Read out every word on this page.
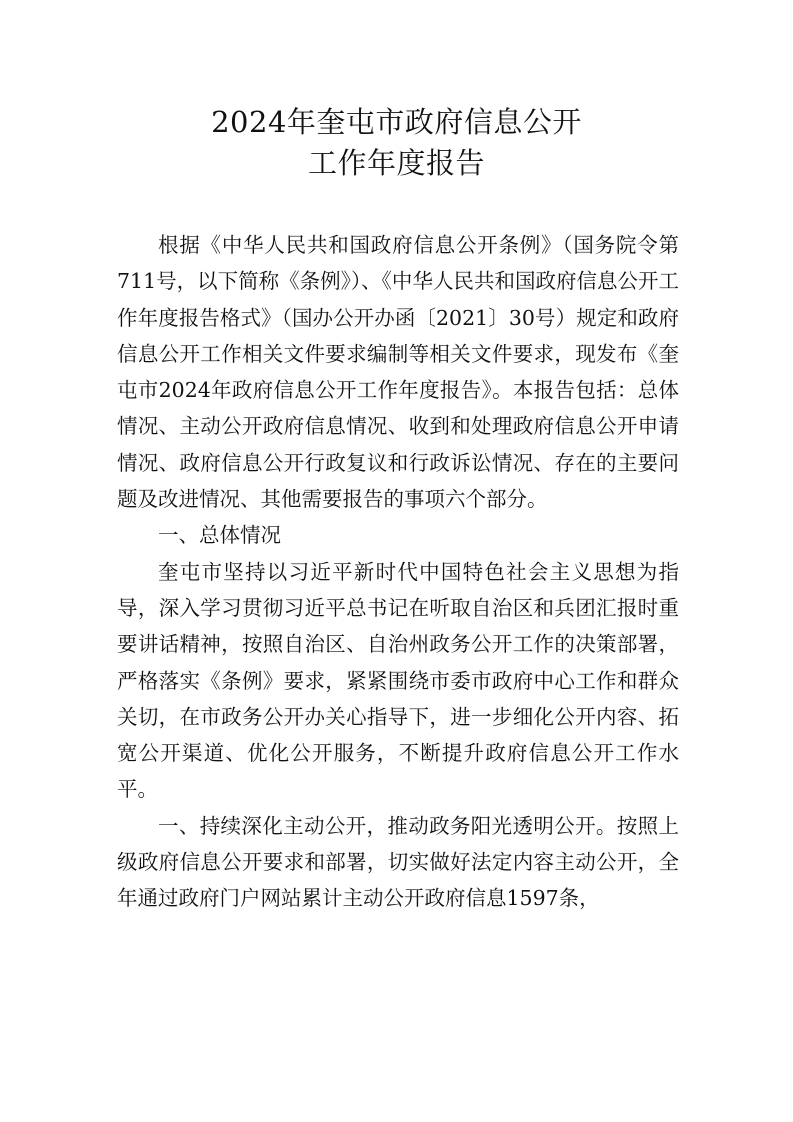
2024年奎屯市政府信息公开
工作年度报告

根据《中华人民共和国政府信息公开条例》（国务院令第711号，以下简称《条例》）、《中华人民共和国政府信息公开工作年度报告格式》（国办公开办函〔2021〕30号）规定和政府信息公开工作相关文件要求编制等相关文件要求，现发布《奎屯市2024年政府信息公开工作年度报告》。本报告包括：总体情况、主动公开政府信息情况、收到和处理政府信息公开申请情况、政府信息公开行政复议和行政诉讼情况、存在的主要问题及改进情况、其他需要报告的事项六个部分。

一、总体情况

奎屯市坚持以习近平新时代中国特色社会主义思想为指导，深入学习贯彻习近平总书记在听取自治区和兵团汇报时重要讲话精神，按照自治区、自治州政务公开工作的决策部署，严格落实《条例》要求，紧紧围绕市委市政府中心工作和群众关切，在市政务公开办关心指导下，进一步细化公开内容、拓宽公开渠道、优化公开服务，不断提升政府信息公开工作水平。

一、持续深化主动公开，推动政务阳光透明公开。按照上级政府信息公开要求和部署，切实做好法定内容主动公开，全年通过政府门户网站累计主动公开政府信息1597条，
